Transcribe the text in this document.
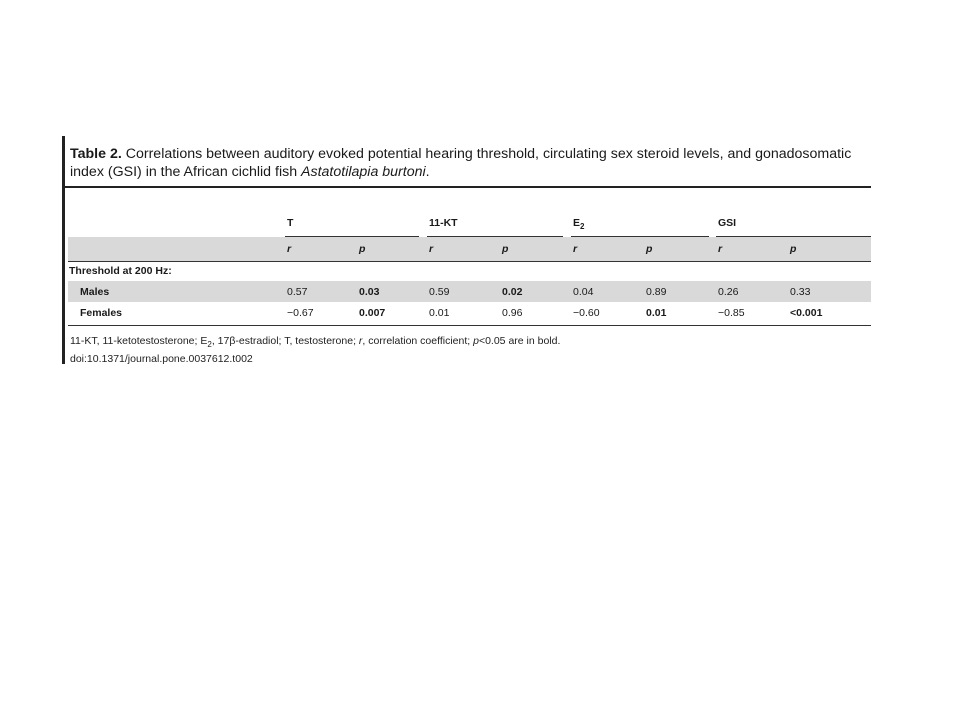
Table 2. Correlations between auditory evoked potential hearing threshold, circulating sex steroid levels, and gonadosomatic index (GSI) in the African cichlid fish Astatotilapia burtoni.
T	11-KT	$E_2$	GSI
r	p	r	p	r	p	r	p
Threshold at 200 Hz:
Males	0.57	0.03	0.59	0.02	0.04	0.89	0.26	0.33
Females	−0.67	0.007	0.01	0.96	−0.60	0.01	−0.85	<0.001
11-KT, 11-ketotestosterone; $E_2$, 17β-estradiol; T, testosterone; r, correlation coefficient; p<0.05 are in bold.
doi:10.1371/journal.pone.0037612.t002
